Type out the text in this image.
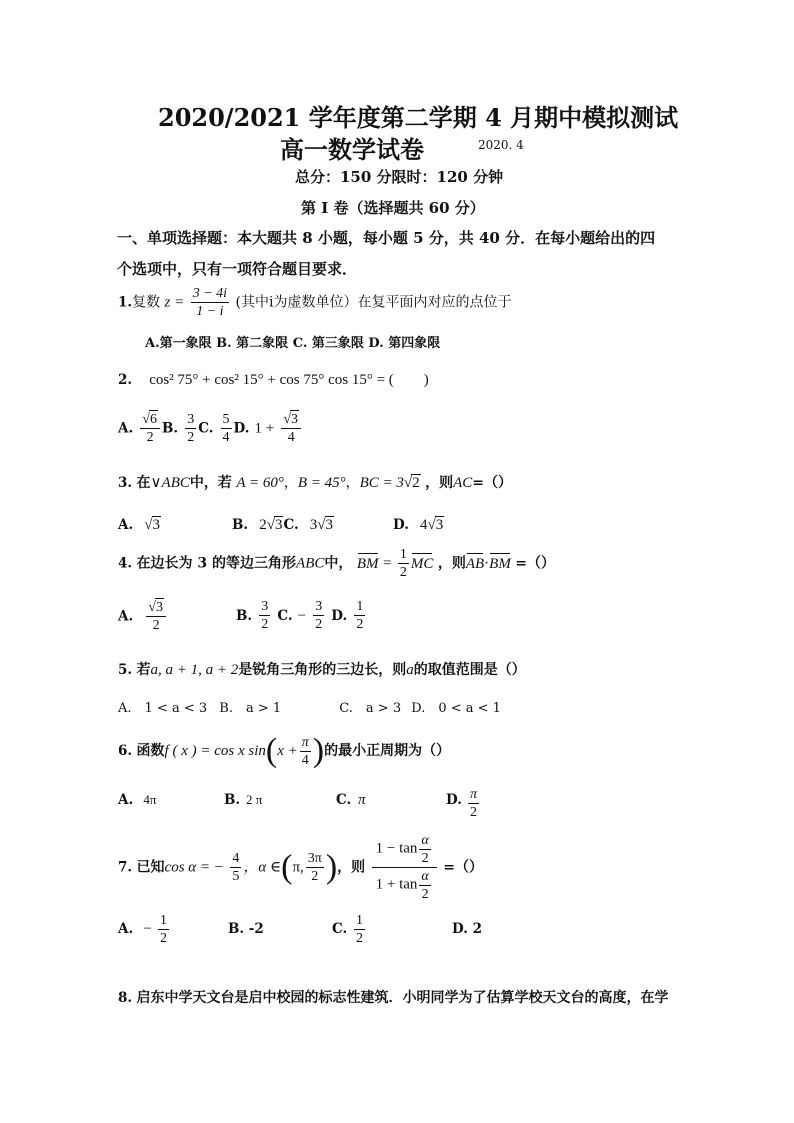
2020/2021 学年度第二学期 4 月期中模拟测试
高一数学试卷	2020. 4
总分：150 分限时：120 分钟
第 I 卷（选择题共 60 分）
一、单项选择题：本大题共 8 小题，每小题 5 分，共 40 分．在每小题给出的四
个选项中，只有一项符合题目要求．
1.复数 $z = \frac{3 - 4i}{1 - i}$ (其中i为虚数单位）在复平面内对应的点位于
A.第一象限 B. 第二象限 C. 第三象限 D. 第四象限
2. cos² 75° + cos² 15° + cos 75° cos 15° = (　　)
A. $\frac{√6}{2} B$. $\frac{3}{2} C$. $\frac{5}{4} D$. $1 + \frac{√3}{4}$
3. 在∨ABC中，若 A = 60°，B = 45°，BC = 3√2 ，则AC=（）
A. √3	B. 2√3C. 3√3	D. 4√3
4. 在边长为 3 的等边三角形ABC中， BM = $\frac{1}{2}$ MC ，则AB·BM =（）
A. $\frac{√3}{2}$	B. $\frac{3}{2} C$. − $\frac{3}{2} D$. $\frac{1}{2}$
5. 若a, a + 1, a + 2是锐角三角形的三边长，则a的取值范围是（）
A.　1 < a < 3 B.　a > 1	C.　a > 3 D.　0 < a < 1
6. 函数f ( x ) = cos x $\sin(x + \frac{\pi}{4}$ )的最小正周期为（）
A. 4π	B. 2 π	C. π	D. $\frac{\pi}{2}$
7. 已知cos α = − $\frac{4}{5}$ ，α ∈(π, $\frac{3\pi}{2}$ )，则 $\frac{1 - \tan \frac{\alpha}{2}}{1 + \tan \frac{\alpha}{2}}$ =（）
A. − $\frac{1}{2}$	B. -2	C. $\frac{1}{2}$	D. 2
8. 启东中学天文台是启中校园的标志性建筑．小明同学为了估算学校天文台的高度，在学
